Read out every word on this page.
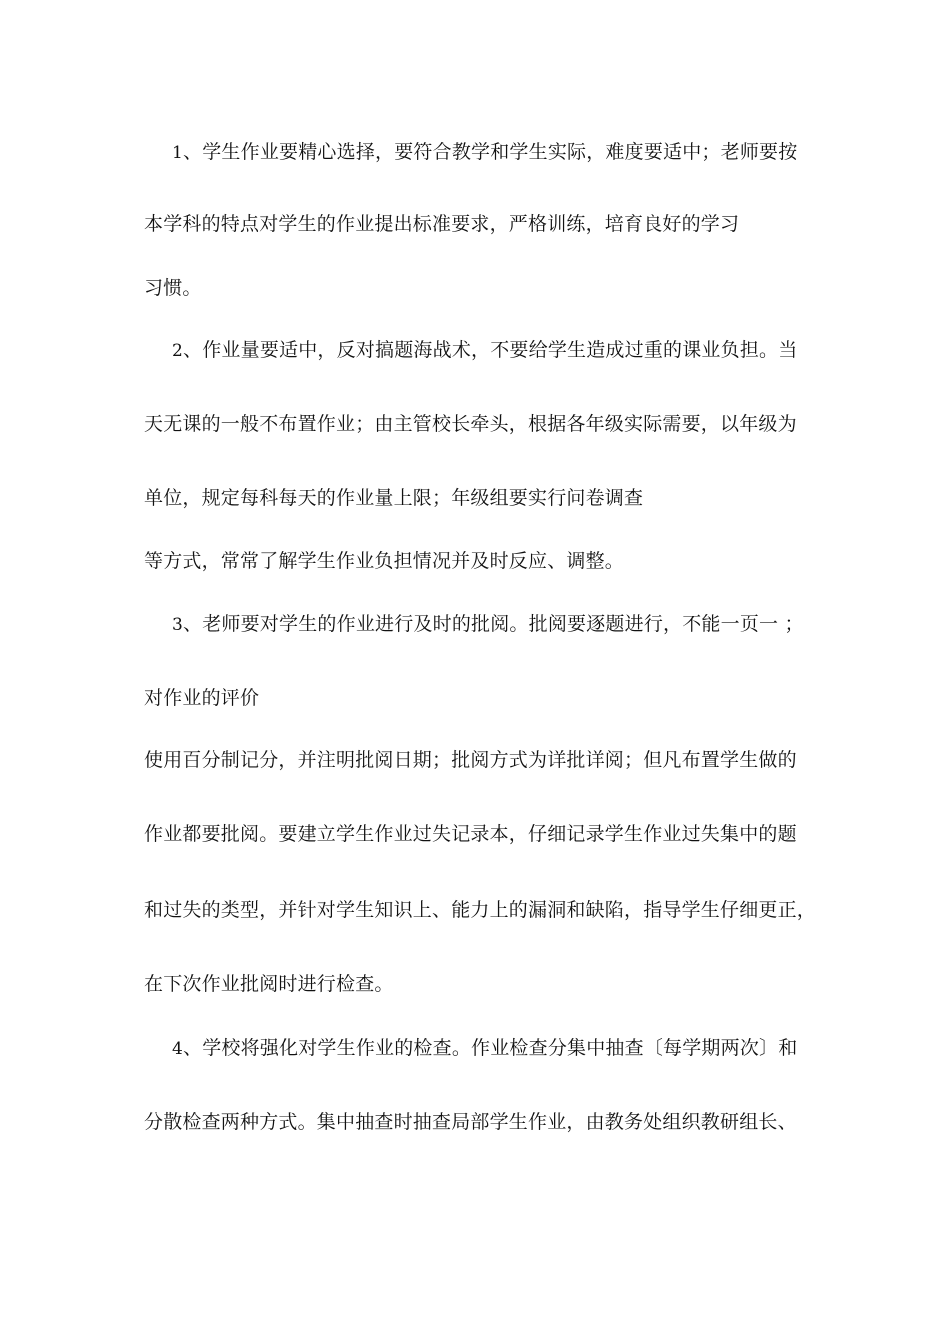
1、学生作业要精心选择，要符合教学和学生实际，难度要适中；老师要按
本学科的特点对学生的作业提出标准要求，严格训练，培育良好的学习
习惯。
2、作业量要适中，反对搞题海战术，不要给学生造成过重的课业负担。当
天无课的一般不布置作业；由主管校长牵头，根据各年级实际需要，以年级为
单位，规定每科每天的作业量上限；年级组要实行问卷调查
等方式，常常了解学生作业负担情况并及时反应、调整。
3、老师要对学生的作业进行及时的批阅。批阅要逐题进行，不能一页一 ；
对作业的评价
使用百分制记分，并注明批阅日期；批阅方式为详批详阅；但凡布置学生做的
作业都要批阅。要建立学生作业过失记录本，仔细记录学生作业过失集中的题
和过失的类型，并针对学生知识上、能力上的漏洞和缺陷，指导学生仔细更正，
在下次作业批阅时进行检查。
4、学校将强化对学生作业的检查。作业检查分集中抽查〔每学期两次〕和
分散检查两种方式。集中抽查时抽查局部学生作业，由教务处组织教研组长、
